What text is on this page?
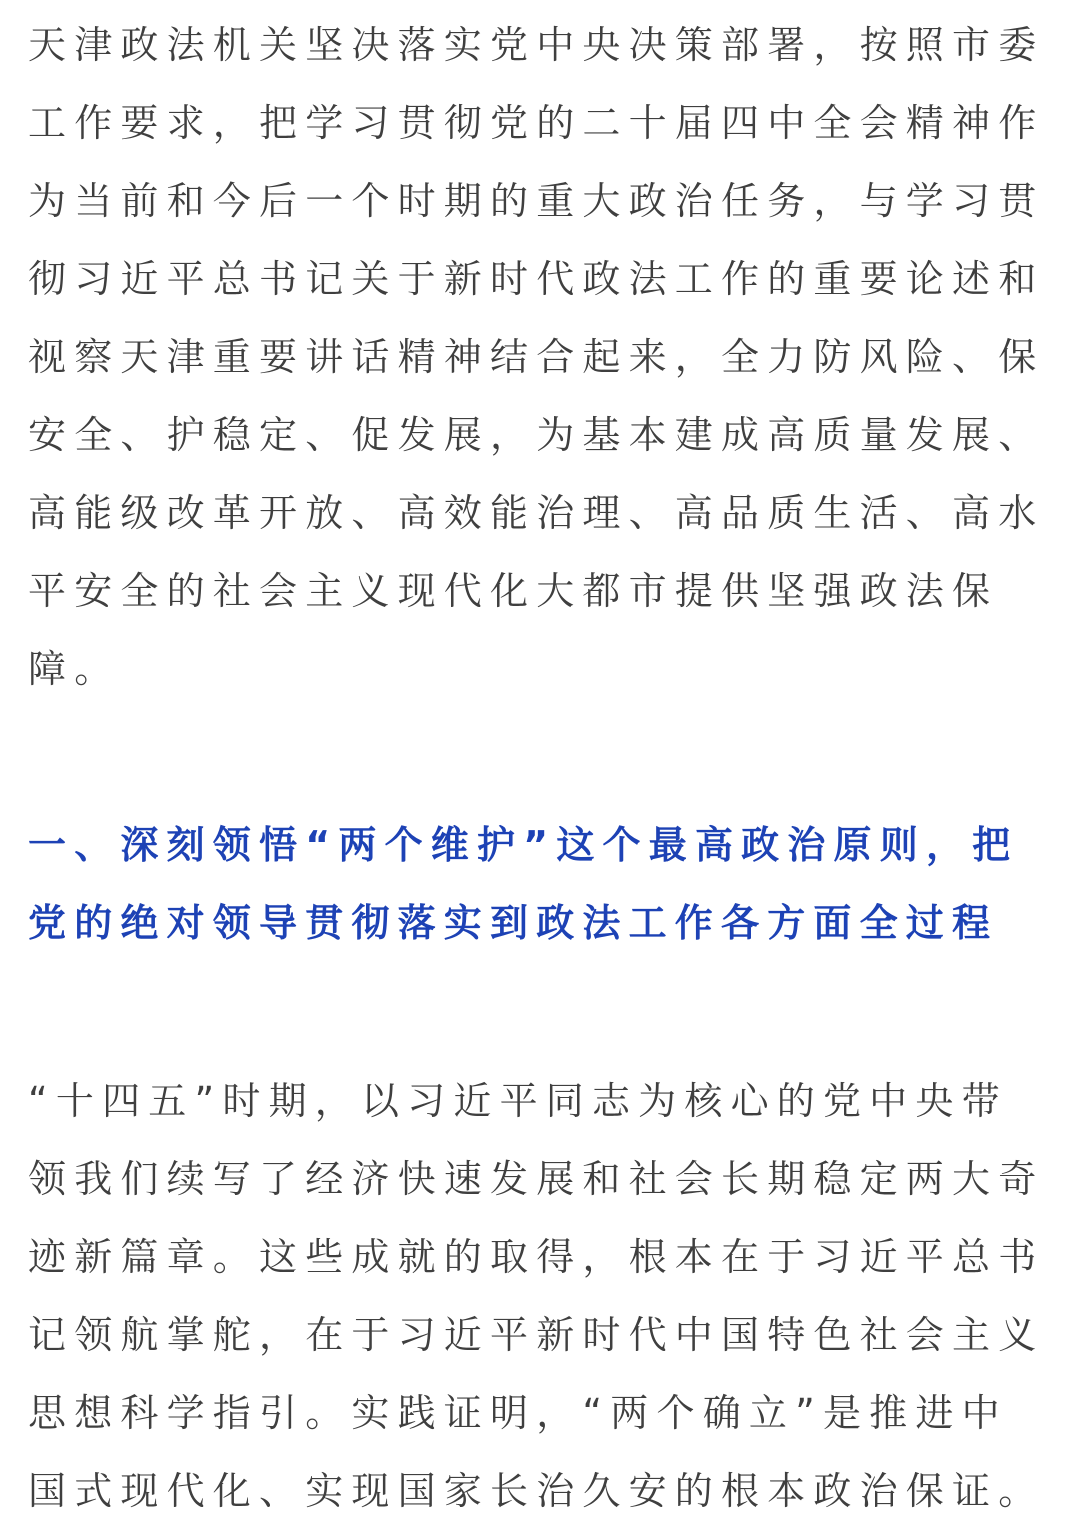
天津政法机关坚决落实党中央决策部署，按照市委
工作要求，把学习贯彻党的二十届四中全会精神作
为当前和今后一个时期的重大政治任务，与学习贯
彻习近平总书记关于新时代政法工作的重要论述和
视察天津重要讲话精神结合起来，全力防风险、保
安全、护稳定、促发展，为基本建成高质量发展、
高能级改革开放、高效能治理、高品质生活、高水
平安全的社会主义现代化大都市提供坚强政法保
障。
一、深刻领悟“两个维护”这个最高政治原则，把
党的绝对领导贯彻落实到政法工作各方面全过程
“十四五”时期，以习近平同志为核心的党中央带
领我们续写了经济快速发展和社会长期稳定两大奇
迹新篇章。这些成就的取得，根本在于习近平总书
记领航掌舵，在于习近平新时代中国特色社会主义
思想科学指引。实践证明，“两个确立”是推进中
国式现代化、实现国家长治久安的根本政治保证。
